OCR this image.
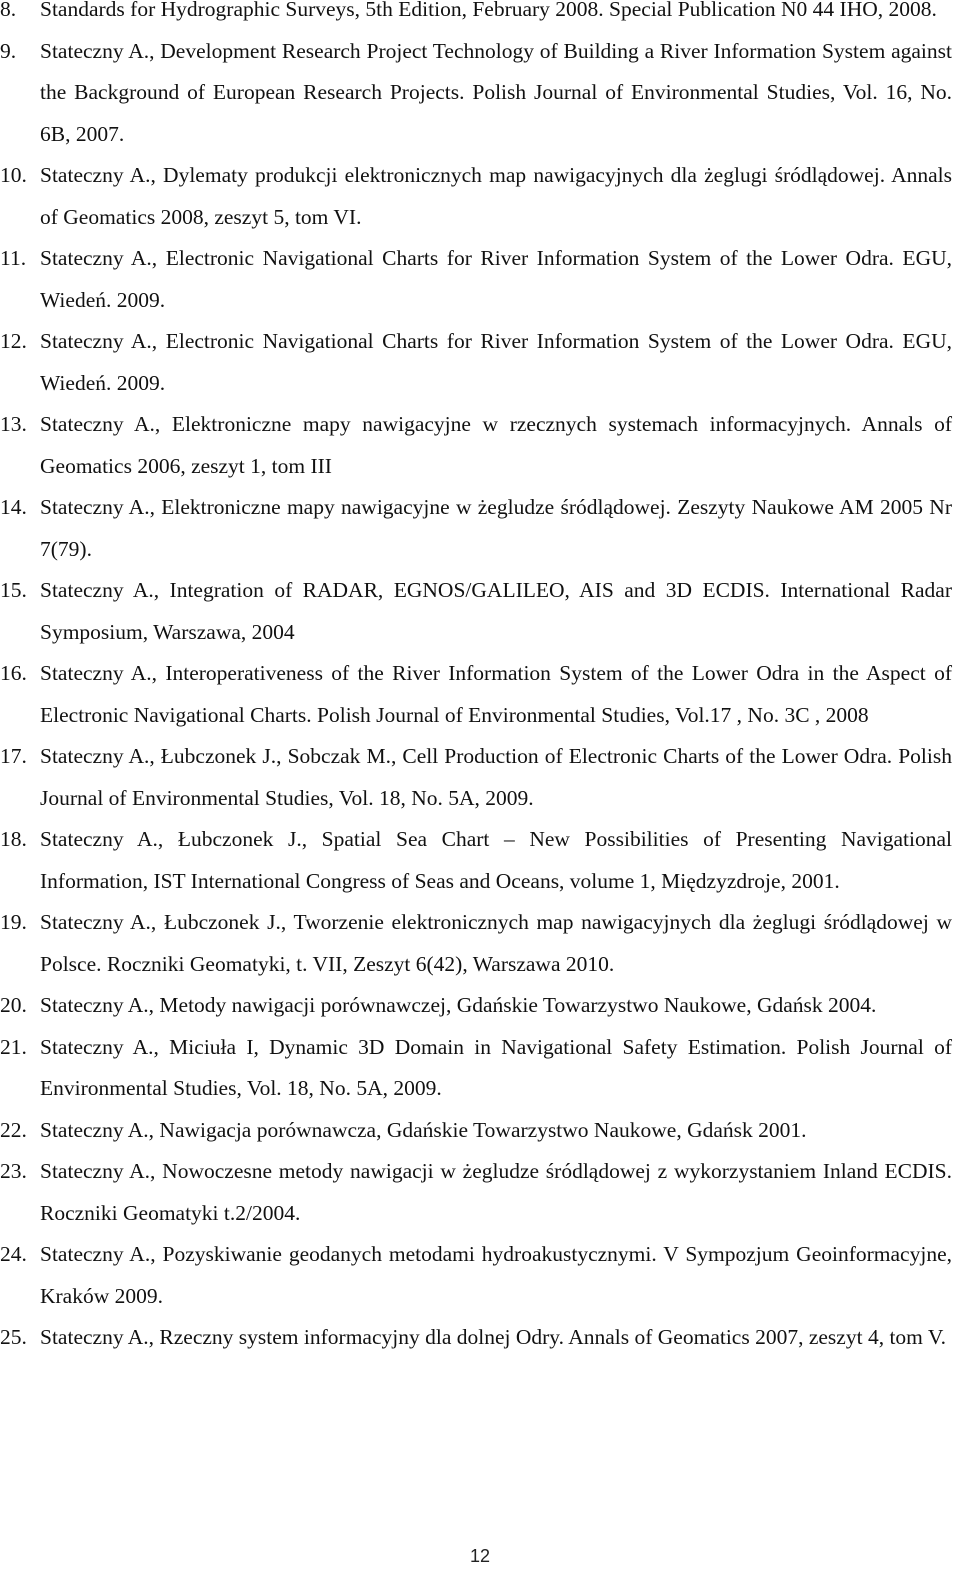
8.	Standards for Hydrographic Surveys, 5th Edition, February 2008. Special Publication N0 44 IHO, 2008.
9.	Stateczny A., Development Research Project Technology of Building a River Information System against the Background of European Research Projects. Polish Journal of Environmental Studies, Vol. 16, No. 6B, 2007.
10. Stateczny A., Dylematy produkcji elektronicznych map nawigacyjnych dla żeglugi śródlądowej. Annals of Geomatics 2008, zeszyt 5, tom VI.
11. Stateczny A., Electronic Navigational Charts for River Information System of the Lower Odra. EGU, Wiedeń. 2009.
12. Stateczny A., Electronic Navigational Charts for River Information System of the Lower Odra. EGU, Wiedeń. 2009.
13. Stateczny A., Elektroniczne mapy nawigacyjne w rzecznych systemach informacyjnych. Annals of Geomatics 2006, zeszyt 1, tom III
14. Stateczny A., Elektroniczne mapy nawigacyjne w żegludze śródlądowej. Zeszyty Naukowe AM 2005 Nr 7(79).
15. Stateczny A., Integration of RADAR, EGNOS/GALILEO, AIS and 3D ECDIS. International Radar Symposium, Warszawa, 2004
16. Stateczny A., Interoperativeness of the River Information System of the Lower Odra in the Aspect of Electronic Navigational Charts. Polish Journal of Environmental Studies, Vol.17 , No. 3C , 2008
17. Stateczny A., Łubczonek J., Sobczak M., Cell Production of Electronic Charts of the Lower Odra. Polish Journal of Environmental Studies, Vol. 18, No. 5A, 2009.
18. Stateczny A., Łubczonek J., Spatial Sea Chart – New Possibilities of Presenting Navigational Information, IST International Congress of Seas and Oceans, volume 1, Międzyzdroje, 2001.
19. Stateczny A., Łubczonek J., Tworzenie elektronicznych map nawigacyjnych dla żeglugi śródlądowej w Polsce. Roczniki Geomatyki, t. VII, Zeszyt 6(42), Warszawa 2010.
20. Stateczny A., Metody nawigacji porównawczej, Gdańskie Towarzystwo Naukowe, Gdańsk 2004.
21. Stateczny A., Miciuła I, Dynamic 3D Domain in Navigational Safety Estimation. Polish Journal of Environmental Studies, Vol. 18, No. 5A, 2009.
22. Stateczny A., Nawigacja porównawcza, Gdańskie Towarzystwo Naukowe, Gdańsk 2001.
23. Stateczny A., Nowoczesne metody nawigacji w żegludze śródlądowej z wykorzystaniem Inland ECDIS. Roczniki Geomatyki t.2/2004.
24. Stateczny A., Pozyskiwanie geodanych metodami hydroakustycznymi. V Sympozjum Geoinformacyjne, Kraków 2009.
25. Stateczny A., Rzeczny system informacyjny dla dolnej Odry. Annals of Geomatics 2007, zeszyt 4, tom V.
12
